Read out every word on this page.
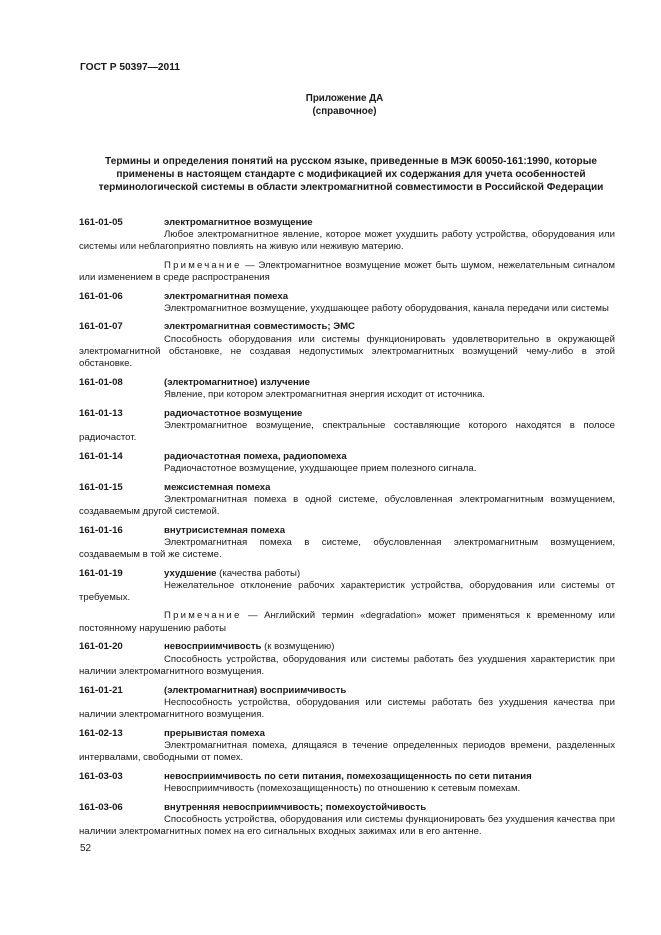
ГОСТ Р 50397—2011
Приложение ДА
(справочное)
Термины и определения понятий на русском языке, приведенные в МЭК 60050-161:1990, которые применены в настоящем стандарте с модификацией их содержания для учета особенностей терминологической системы в области электромагнитной совместимости в Российской Федерации
161-01-05	электромагнитное возмущение
Любое электромагнитное явление, которое может ухудшить работу устройства, оборудования или системы или неблагоприятно повлиять на живую или неживую материю.
Примечание — Электромагнитное возмущение может быть шумом, нежелательным сигналом или изменением в среде распространения
161-01-06	электромагнитная помеха
Электромагнитное возмущение, ухудшающее работу оборудования, канала передачи или системы
161-01-07	электромагнитная совместимость; ЭМС
Способность оборудования или системы функционировать удовлетворительно в окружающей электромагнитной обстановке, не создавая недопустимых электромагнитных возмущений чему-либо в этой обстановке.
161-01-08	(электромагнитное) излучение
Явление, при котором электромагнитная энергия исходит от источника.
161-01-13	радиочастотное возмущение
Электромагнитное возмущение, спектральные составляющие которого находятся в полосе радиочастот.
161-01-14	радиочастотная помеха, радиопомеха
Радиочастотное возмущение, ухудшающее прием полезного сигнала.
161-01-15	межсистемная помеха
Электромагнитная помеха в одной системе, обусловленная электромагнитным возмущением, создаваемым другой системой.
161-01-16	внутрисистемная помеха
Электромагнитная помеха в системе, обусловленная электромагнитным возмущением, создаваемым в той же системе.
161-01-19	ухудшение (качества работы)
Нежелательное отклонение рабочих характеристик устройства, оборудования или системы от требуемых.
Примечание — Английский термин «degradation» может применяться к временному или постоянному нарушению работы
161-01-20	невосприимчивость (к возмущению)
Способность устройства, оборудования или системы работать без ухудшения характеристик при наличии электромагнитного возмущения.
161-01-21	(электромагнитная) восприимчивость
Неспособность устройства, оборудования или системы работать без ухудшения качества при наличии электромагнитного возмущения.
161-02-13	прерывистая помеха
Электромагнитная помеха, длящаяся в течение определенных периодов времени, разделенных интервалами, свободными от помех.
161-03-03	невосприимчивость по сети питания, помехозащищенность по сети питания
Невосприимчивость (помехозащищенность) по отношению к сетевым помехам.
161-03-06	внутренняя невосприимчивость; помехоустойчивость
Способность устройства, оборудования или системы функционировать без ухудшения качества при наличии электромагнитных помех на его сигнальных входных зажимах или в его антенне.
52
